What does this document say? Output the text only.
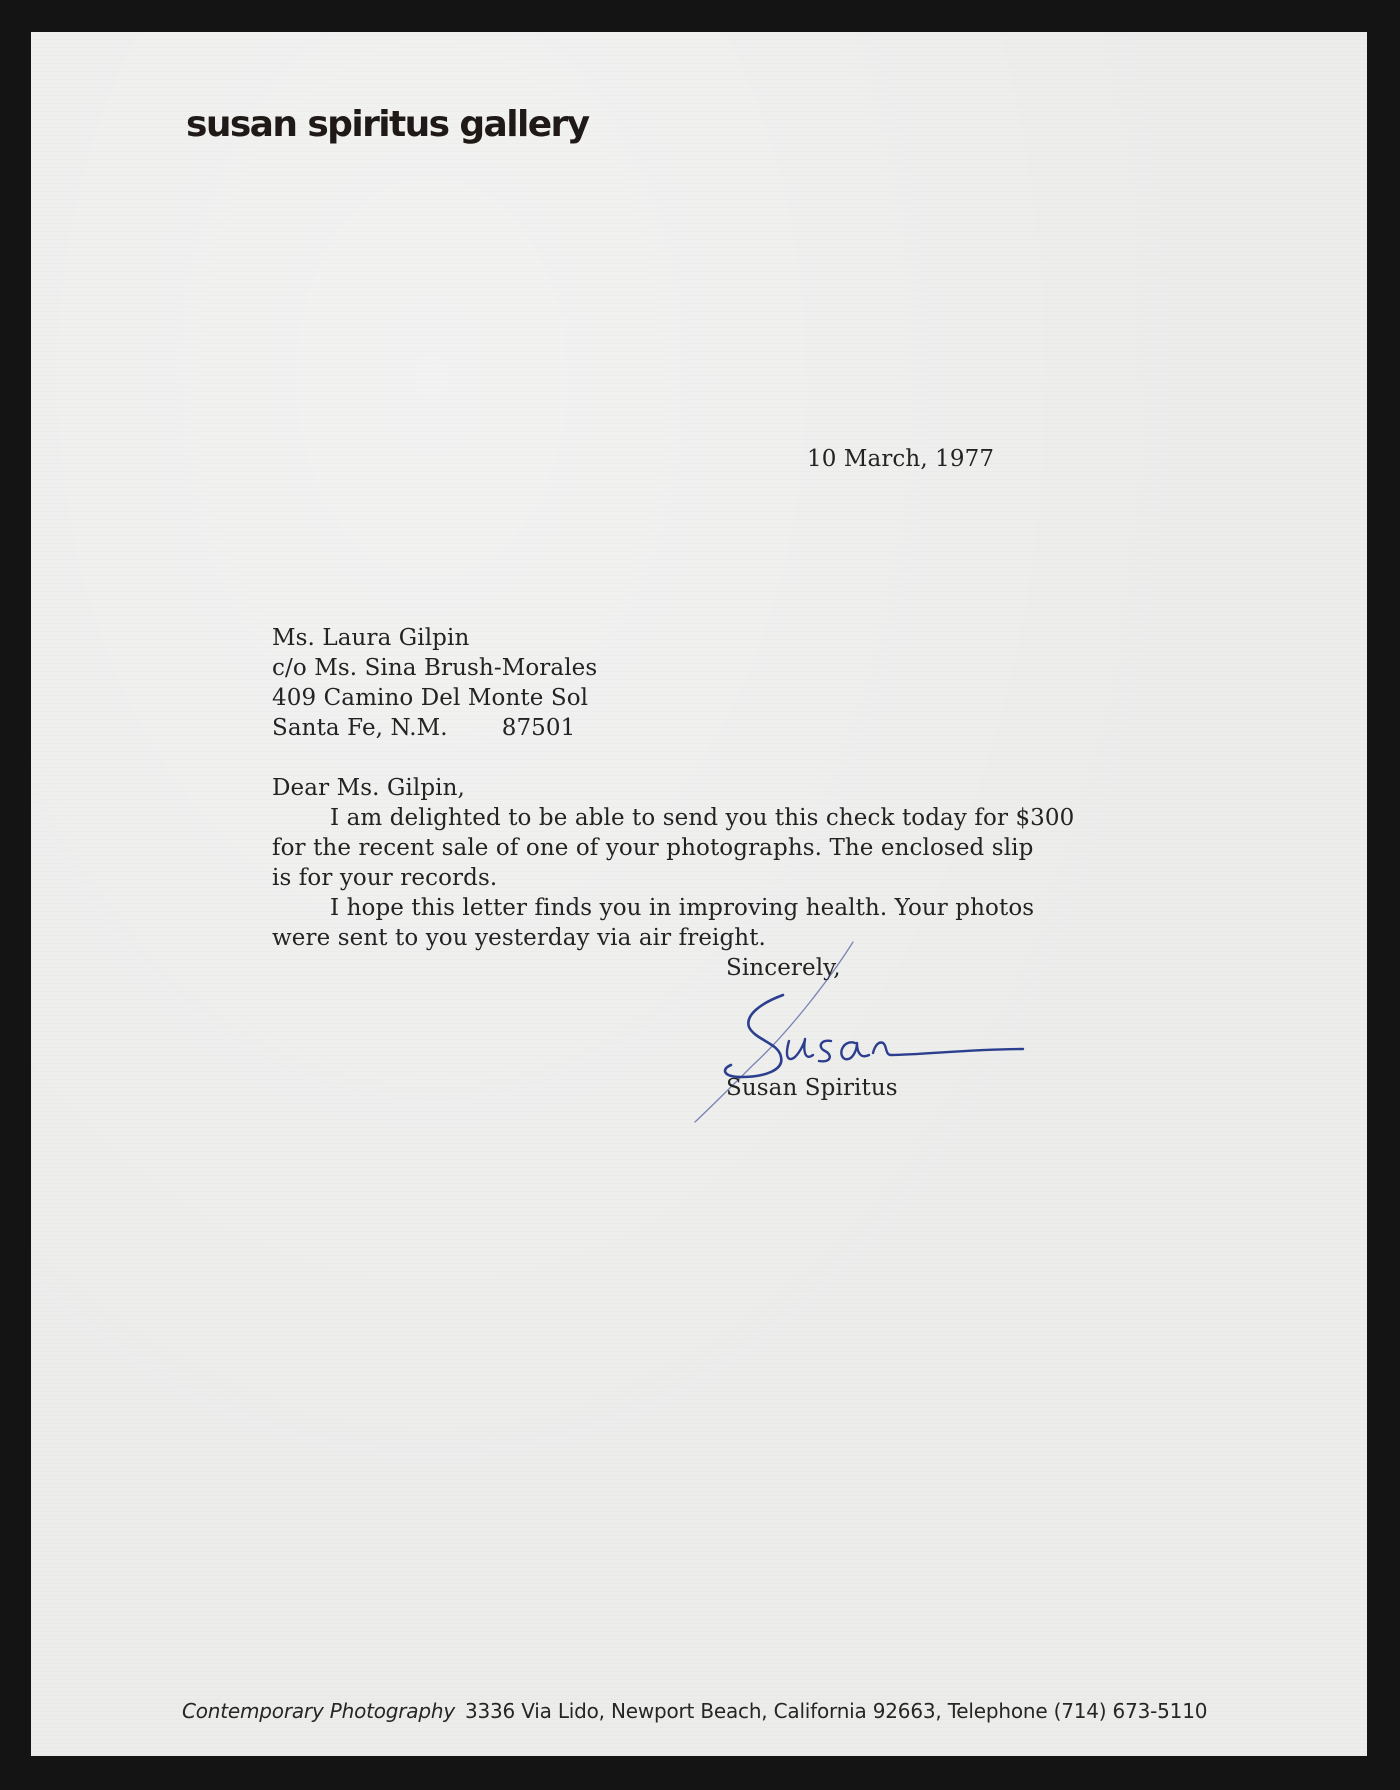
susan spiritus gallery

10 March, 1977

Ms. Laura Gilpin

c/o Ms. Sina Brush-Morales

409 Camino Del Monte Sol

Santa Fe, N.M. 87501

Dear Ms. Gilpin,

I am delighted to be able to send you this check today for $300

for the recent sale of one of your photographs. The enclosed slip

is for your records.

I hope this letter finds you in improving health. Your photos

were sent to you yesterday via air freight.

Sincerely,

Susan Spiritus

Contemporary Photography 3336 Via Lido, Newport Beach, California 92663, Telephone (714) 673-5110
